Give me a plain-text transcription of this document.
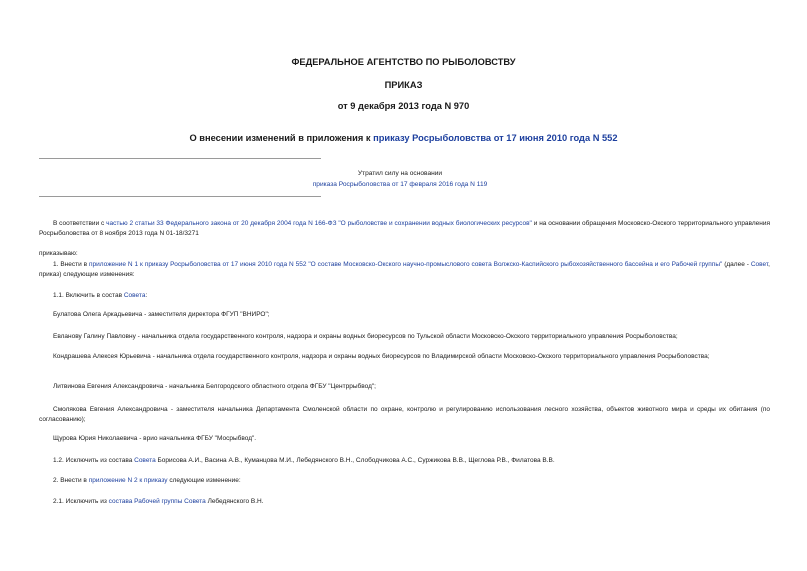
ФЕДЕРАЛЬНОЕ АГЕНТСТВО ПО РЫБОЛОВСТВУ
ПРИКАЗ
от 9 декабря 2013 года N 970
О внесении изменений в приложения к приказу Росрыболовства от 17 июня 2010 года N 552
Утратил силу на основании
приказа Росрыболовства от 17 февраля 2016 года N 119
В соответствии с частью 2 статьи 33 Федерального закона от 20 декабря 2004 года N 166-ФЗ "О рыболовстве и сохранении водных биологических ресурсов" и на основании обращения Московско-Окского территориального управления Росрыболовства от 8 ноября 2013 года N 01-18/3271
приказываю:
1. Внести в приложение N 1 к приказу Росрыболовства от 17 июня 2010 года N 552 "О составе Московско-Окского научно-промыслового совета Волжско-Каспийского рыбохозяйственного бассейна и его Рабочей группы" (далее - Совет, приказ) следующие изменения:
1.1. Включить в состав Совета:
Булатова Олега Аркадьевича - заместителя директора ФГУП "ВНИРО";
Евланову Галину Павловну - начальника отдела государственного контроля, надзора и охраны водных биоресурсов по Тульской области Московско-Окского территориального управления Росрыболовства;
Кондрашева Алексея Юрьевича - начальника отдела государственного контроля, надзора и охраны водных биоресурсов по Владимирской области Московско-Окского территориального управления Росрыболовства;
Литвинова Евгения Александровича - начальника Белгородского областного отдела ФГБУ "Центррыбвод";
Смолякова Евгения Александровича - заместителя начальника Департамента Смоленской области по охране, контролю и регулированию использования лесного хозяйства, объектов животного мира и среды их обитания (по согласованию);
Щурова Юрия Николаевича - врио начальника ФГБУ "Мосрыбвод".
1.2. Исключить из состава Совета Борисова А.И., Васина А.В., Куманцова М.И., Лебедянского В.Н., Слободчикова А.С., Суржикова В.В., Щеглова Р.В., Филатова В.В.
2. Внести в приложение N 2 к приказу следующие изменение:
2.1. Исключить из состава Рабочей группы Совета Лебедянского В.Н.
